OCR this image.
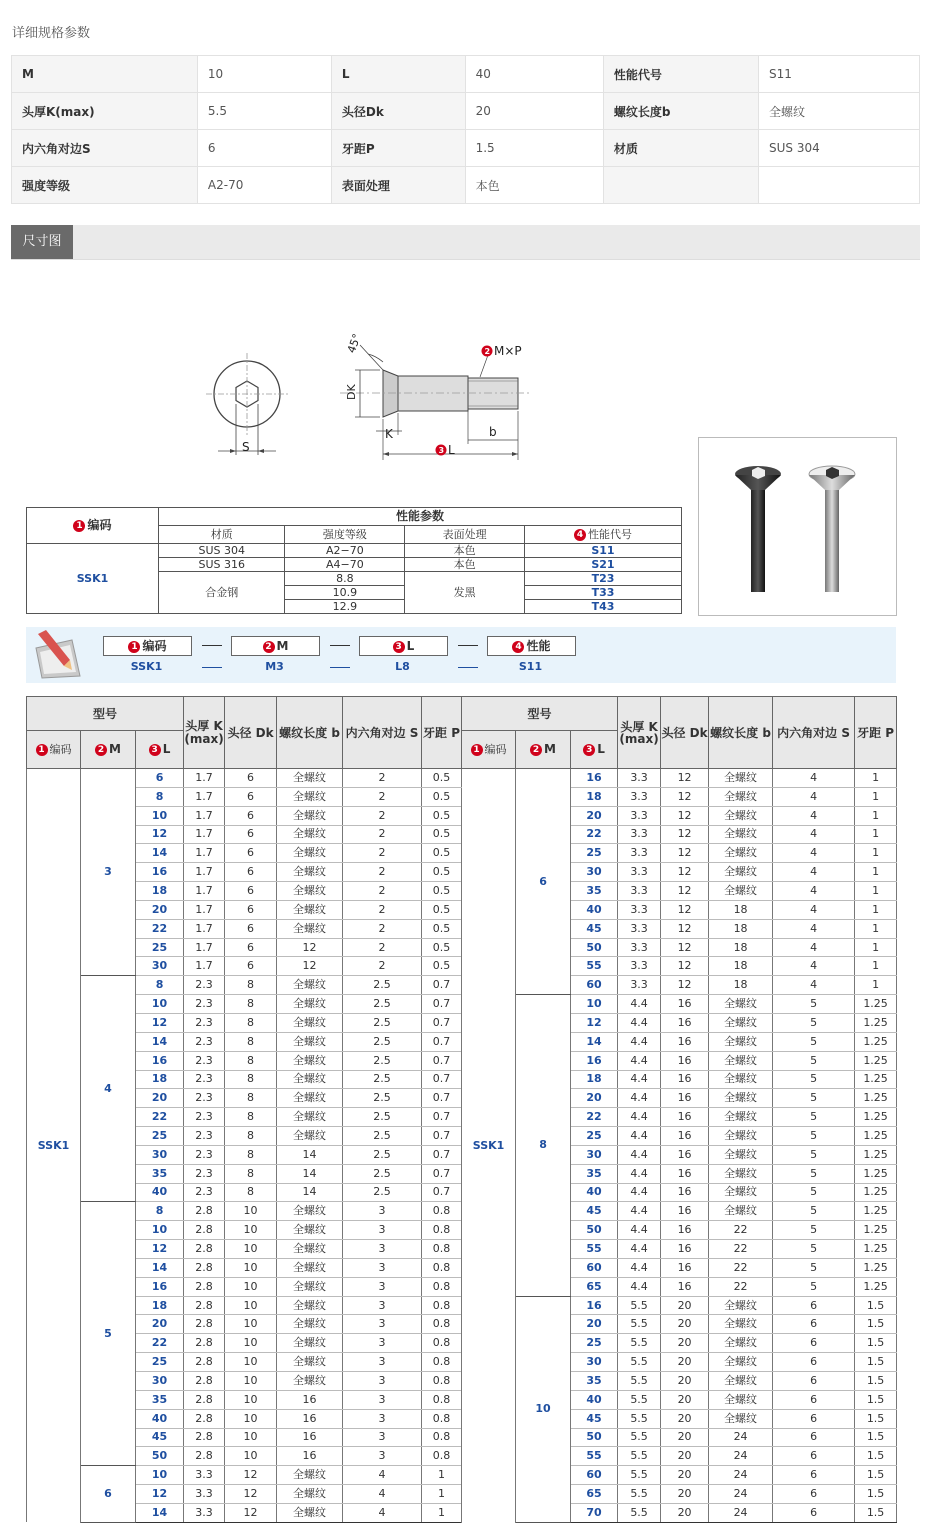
详细规格参数
M	10	L	40	性能代号	S11
头厚K(max)	5.5	头径Dk	20	螺纹长度b	全螺纹
内六角对边S	6	牙距P	1.5	材质	SUS 304
强度等级	A2-70	表面处理	本色		
尺寸图
S
45°
DK
K
3 L
b
2 M×P
1 编码	性能参数			
	材质	强度等级	表面处理	4 性能代号
SSK1	SUS 304	A2−70	本色	S11
	SUS 316	A4−70	本色	S21
	合金钢	8.8	发黑	T23
		10.9		T33
		12.9		T43
1 编码	2 M	3 L	4 性能
SSK1	M3	L8	S11
型号			头厚 K (max)	头径 Dk	螺纹长度 b	内六角对边 S	牙距 P	型号			头厚 K (max)	头径 Dk	螺纹长度 b	内六角对边 S	牙距 P
1 编码	2 M	3 L						1 编码	2 M	3 L					
SSK1	3	6	1.7	6	全螺纹	2	0.5	SSK1	6	16	3.3	12	全螺纹	4	1
		8	1.7	6	全螺纹	2	0.5			18	3.3	12	全螺纹	4	1
		10	1.7	6	全螺纹	2	0.5			20	3.3	12	全螺纹	4	1
		12	1.7	6	全螺纹	2	0.5			22	3.3	12	全螺纹	4	1
		14	1.7	6	全螺纹	2	0.5			25	3.3	12	全螺纹	4	1
		16	1.7	6	全螺纹	2	0.5			30	3.3	12	全螺纹	4	1
		18	1.7	6	全螺纹	2	0.5			35	3.3	12	全螺纹	4	1
		20	1.7	6	全螺纹	2	0.5			40	3.3	12	18	4	1
		22	1.7	6	全螺纹	2	0.5			45	3.3	12	18	4	1
		25	1.7	6	12	2	0.5			50	3.3	12	18	4	1
		30	1.7	6	12	2	0.5			55	3.3	12	18	4	1
	4	8	2.3	8	全螺纹	2.5	0.7			60	3.3	12	18	4	1
		10	2.3	8	全螺纹	2.5	0.7		8	10	4.4	16	全螺纹	5	1.25
		12	2.3	8	全螺纹	2.5	0.7			12	4.4	16	全螺纹	5	1.25
		14	2.3	8	全螺纹	2.5	0.7			14	4.4	16	全螺纹	5	1.25
		16	2.3	8	全螺纹	2.5	0.7			16	4.4	16	全螺纹	5	1.25
		18	2.3	8	全螺纹	2.5	0.7			18	4.4	16	全螺纹	5	1.25
		20	2.3	8	全螺纹	2.5	0.7			20	4.4	16	全螺纹	5	1.25
		22	2.3	8	全螺纹	2.5	0.7			22	4.4	16	全螺纹	5	1.25
		25	2.3	8	全螺纹	2.5	0.7			25	4.4	16	全螺纹	5	1.25
		30	2.3	8	14	2.5	0.7			30	4.4	16	全螺纹	5	1.25
		35	2.3	8	14	2.5	0.7			35	4.4	16	全螺纹	5	1.25
		40	2.3	8	14	2.5	0.7			40	4.4	16	全螺纹	5	1.25
	5	8	2.8	10	全螺纹	3	0.8			45	4.4	16	全螺纹	5	1.25
		10	2.8	10	全螺纹	3	0.8			50	4.4	16	22	5	1.25
		12	2.8	10	全螺纹	3	0.8			55	4.4	16	22	5	1.25
		14	2.8	10	全螺纹	3	0.8			60	4.4	16	22	5	1.25
		16	2.8	10	全螺纹	3	0.8			65	4.4	16	22	5	1.25
		18	2.8	10	全螺纹	3	0.8		10	16	5.5	20	全螺纹	6	1.5
		20	2.8	10	全螺纹	3	0.8			20	5.5	20	全螺纹	6	1.5
		22	2.8	10	全螺纹	3	0.8			25	5.5	20	全螺纹	6	1.5
		25	2.8	10	全螺纹	3	0.8			30	5.5	20	全螺纹	6	1.5
		30	2.8	10	全螺纹	3	0.8			35	5.5	20	全螺纹	6	1.5
		35	2.8	10	16	3	0.8			40	5.5	20	全螺纹	6	1.5
		40	2.8	10	16	3	0.8			45	5.5	20	全螺纹	6	1.5
		45	2.8	10	16	3	0.8			50	5.5	20	24	6	1.5
		50	2.8	10	16	3	0.8			55	5.5	20	24	6	1.5
	6	10	3.3	12	全螺纹	4	1			60	5.5	20	24	6	1.5
		12	3.3	12	全螺纹	4	1			65	5.5	20	24	6	1.5
		14	3.3	12	全螺纹	4	1			70	5.5	20	24	6	1.5
